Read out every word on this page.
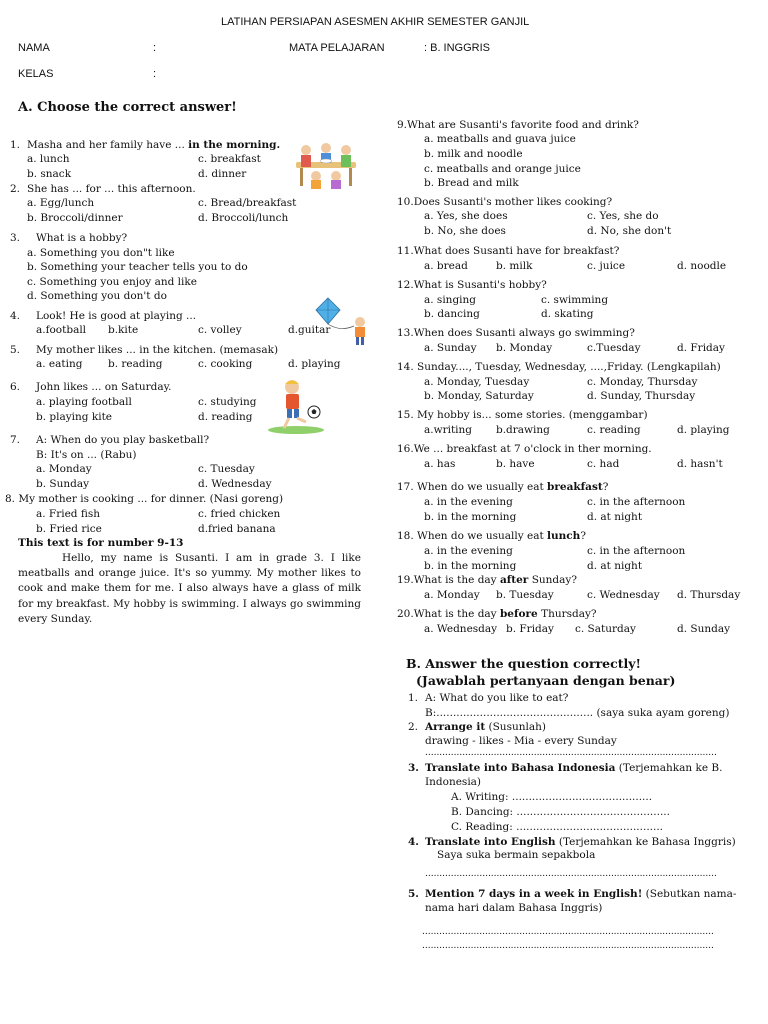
LATIHAN PERSIAPAN ASESMEN AKHIR SEMESTER GANJIL
NAMA	:	MATA PELAJARAN	: B. INGGRIS
KELAS	:
A. Choose the correct answer!
1. Masha and her family have ... in the morning.
a. lunch	c. breakfast
b. snack	d. dinner
2. She has ... for ... this afternoon.
a. Egg/lunch	c. Bread/breakfast
b. Broccoli/dinner	d. Broccoli/lunch
3. What is a hobby?
a. Something you don"t like
b. Something your teacher tells you to do
c. Something you enjoy and like
d. Something you don't do
4. Look! He is good at playing ...
a.football b.kite	c. volley	d.guitar
5. My mother likes ... in the kitchen. (memasak)
a. eating b. reading	c. cooking	d. playing
6. John likes ... on Saturday.
a. playing football	c. studying
b. playing kite	d. reading
7. A: When do you play basketball?
B: It's on ... (Rabu)
a. Monday	c. Tuesday
b. Sunday	d. Wednesday
8. My mother is cooking ... for dinner. (Nasi goreng)
a. Fried fish	c. fried chicken
b. Fried rice	d.fried banana
This text is for number 9-13
Hello, my name is Susanti. I am in grade 3. I like meatballs and orange juice. It's so yummy. My mother likes to cook and make them for me. I also always have a glass of milk for my breakfast. My hobby is swimming. I always go swimming every Sunday.
9.What are Susanti's favorite food and drink?
a. meatballs and guava juice
b. milk and noodle
c. meatballs and orange juice
b. Bread and milk
10.Does Susanti's mother likes cooking?
a. Yes, she does	c. Yes, she do
b. No, she does	d. No, she don't
11.What does Susanti have for breakfast?
a. bread	b. milk	c. juice	d. noodle
12.What is Susanti's hobby?
a. singing	c. swimming
b. dancing	d. skating
13.When does Susanti always go swimming?
a. Sunday b. Monday	c.Tuesday	d. Friday
14. Sunday...., Tuesday, Wednesday, ....,Friday. (Lengkapilah)
a. Monday, Tuesday	c. Monday, Thursday
b. Monday, Saturday	d. Sunday, Thursday
15. My hobby is... some stories. (menggambar)
a.writing b.drawing	c. reading	d. playing
16.We ... breakfast at 7 o'clock in ther morning.
a. has	b. have	c. had	d. hasn't
17. When do we usually eat breakfast?
a. in the evening	c. in the afternoon
b. in the morning	d. at night
18. When do we usually eat lunch?
a. in the evening	c. in the afternoon
b. in the morning	d. at night
19.What is the day after Sunday?
a. Monday b. Tuesday	c. Wednesday d. Thursday
20.What is the day before Thursday?
a. Wednesday b. Friday c. Saturday	d. Sunday
B. Answer the question correctly!
(Jawablah pertanyaan dengan benar)
1. A: What do you like to eat?
B:............................................... (saya suka ayam goreng)
2. Arrange it (Susunlah)
drawing - likes - Mia - every Sunday
......................................................................................................
3. Translate into Bahasa Indonesia (Terjemahkan ke B.
Indonesia)
A. Writing: ..........................................
B. Dancing: ..............................................
C. Reading: ............................................
4. Translate into English (Terjemahkan ke Bahasa Inggris)
Saya suka bermain sepakbola
......................................................................................................
5. Mention 7 days in a week in English! (Sebutkan nama-
nama hari dalam Bahasa Inggris)
......................................................................................................
......................................................................................................
